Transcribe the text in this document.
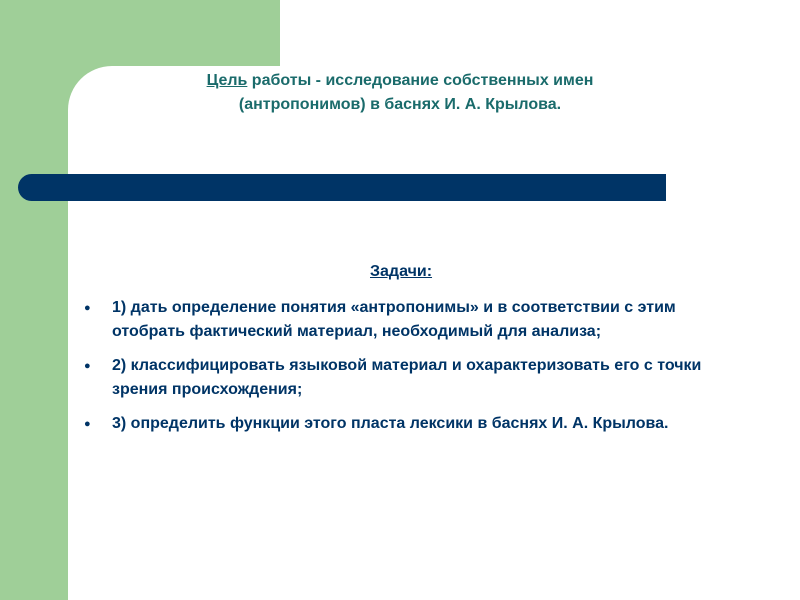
Цель работы - исследование собственных имен
(антропонимов) в баснях И. А. Крылова.
Задачи:
● 1) дать определение понятия «антропонимы» и в соответствии с этим отобрать фактический материал, необходимый для анализа;
● 2) классифицировать языковой материал и охарактеризовать его с точки зрения происхождения;
● 3) определить функции этого пласта лексики в баснях И. А. Крылова.
